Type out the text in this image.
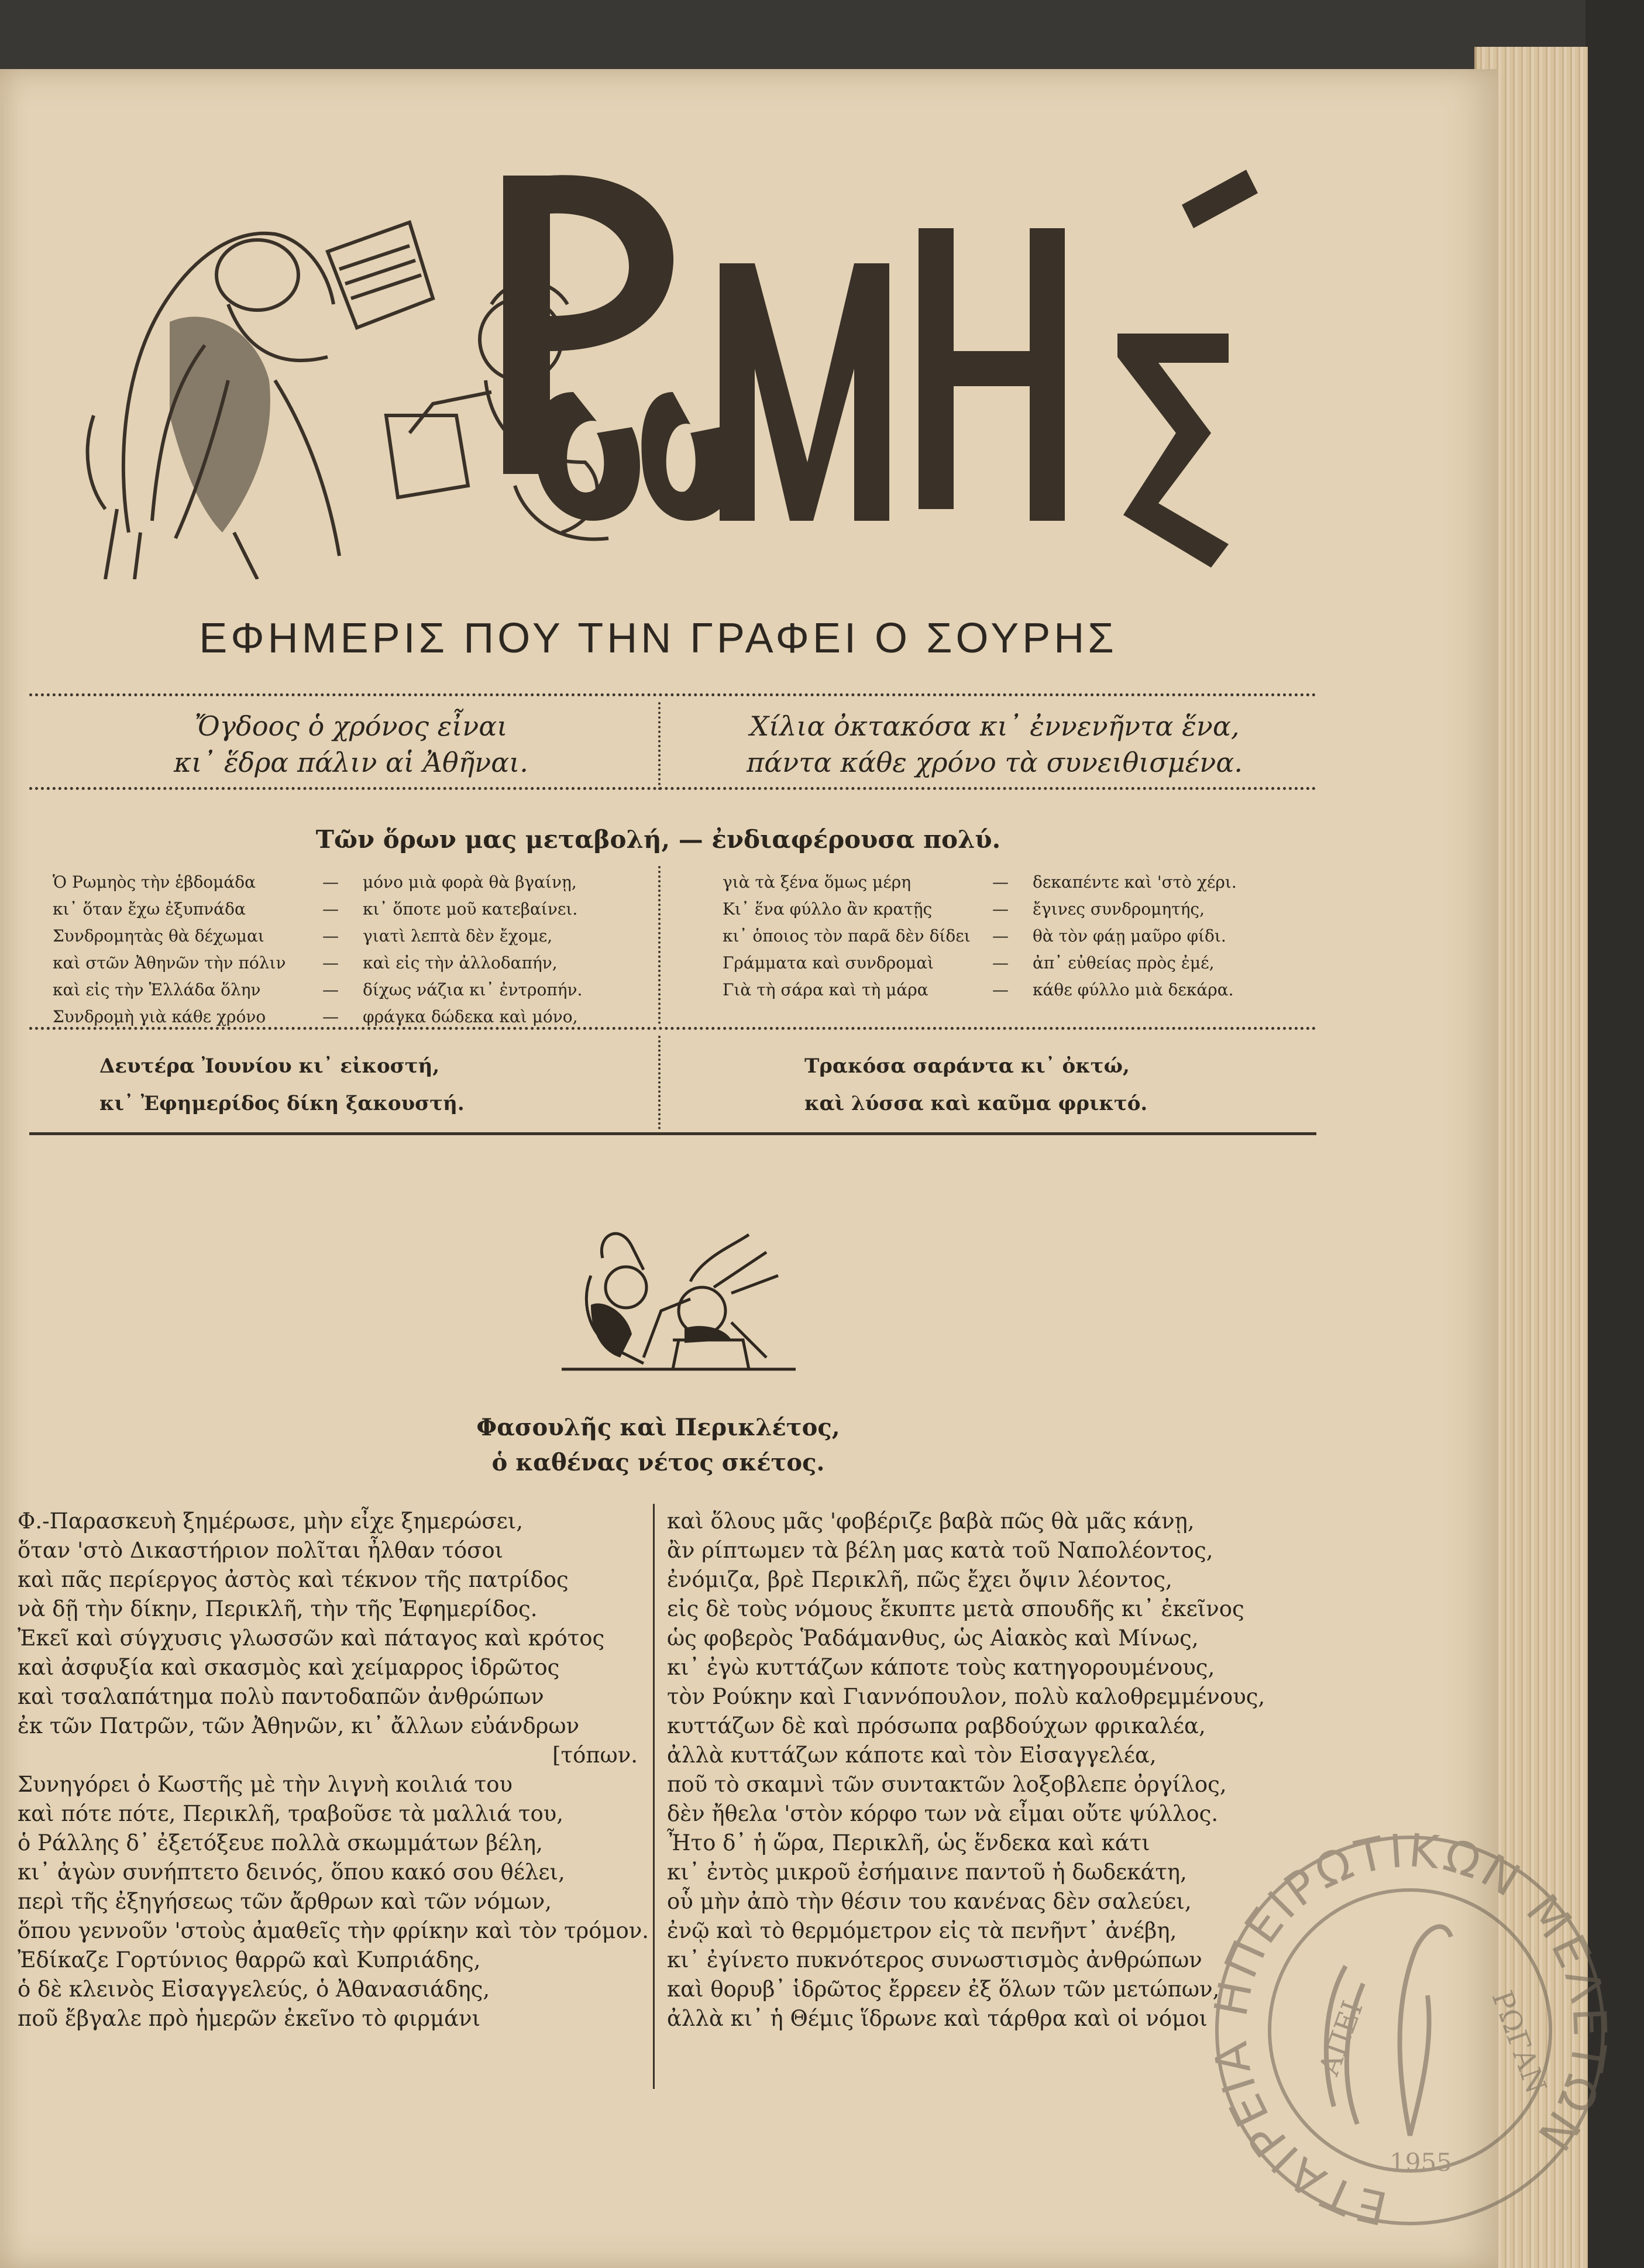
ΡΩΜΗΟΣ
ΕΦΗΜΕΡΙΣ ΠΟΥ ΤΗΝ ΓΡΑΦΕΙ Ο ΣΟΥΡΗΣ
Ὄγδοος ὁ χρόνος εἶναι
κι᾽ ἕδρα πάλιν αἱ Ἀθῆναι.
Χίλια ὀκτακόσα κι᾽ ἐννενῆντα ἕνα,
πάντα κάθε χρόνο τὰ συνειθισμένα.
Τῶν ὅρων μας μεταβολή, — ἐνδιαφέρουσα πολύ.
Ὁ Ρωμηὸς τὴν ἑβδομάδα	—	μόνο μιὰ φορὰ θὰ βγαίνῃ,
κι᾽ ὅταν ἔχω ἐξυπνάδα	—	κι᾽ ὅποτε μοῦ κατεβαίνει.
Συνδρομητὰς θὰ δέχωμαι	—	γιατὶ λεπτὰ δὲν ἔχομε,
καὶ στῶν Ἀθηνῶν τὴν πόλιν	—	καὶ εἰς τὴν ἀλλοδαπήν,
καὶ εἰς τὴν Ἑλλάδα ὅλην	—	δίχως νάζια κι᾽ ἐντροπήν.
Συνδρομὴ γιὰ κάθε χρόνο	—	φράγκα δώδεκα καὶ μόνο,
γιὰ τὰ ξένα ὅμως μέρη	—	δεκαπέντε καὶ 'στὸ χέρι.
Κι᾽ ἕνα φύλλο ἂν κρατῇς	—	ἔγινες συνδρομητής,
κι᾽ ὁποιος τὸν παρᾶ δὲν δίδει	—	θὰ τὸν φάῃ μαῦρο φίδι.
Γράμματα καὶ συνδρομαὶ	—	ἀπ᾽ εὐθείας πρὸς ἐμέ,
Γιὰ τὴ σάρα καὶ τὴ μάρα	—	κάθε φύλλο μιὰ δεκάρα.
Δευτέρα Ἰουνίου κι᾽ εἰκοστή,
κι᾽ Ἐφημερίδος δίκη ξακουστή.
Τρακόσα σαράντα κι᾽ ὀκτώ,
καὶ λύσσα καὶ καῦμα φρικτό.
Φασουλῆς καὶ Περικλέτος,
ὁ καθένας νέτος σκέτος.
Φ.-Παρασκευὴ ξημέρωσε, μὴν εἶχε ξημερώσει,
ὅταν 'στὸ Δικαστήριον πολῖται ἦλθαν τόσοι
καὶ πᾶς περίεργος ἀστὸς καὶ τέκνον τῆς πατρίδος
νὰ δῇ τὴν δίκην, Περικλῆ, τὴν τῆς Ἐφημερίδος.
Ἐκεῖ καὶ σύγχυσις γλωσσῶν καὶ πάταγος καὶ κρότος
καὶ ἀσφυξία καὶ σκασμὸς καὶ χείμαρρος ἱδρῶτος
καὶ τσαλαπάτημα πολὺ παντοδαπῶν ἀνθρώπων
ἐκ τῶν Πατρῶν, τῶν Ἀθηνῶν, κι᾽ ἄλλων εὐάνδρων
[τόπων.
Συνηγόρει ὁ Κωστῆς μὲ τὴν λιγνὴ κοιλιά του
καὶ πότε πότε, Περικλῆ, τραβοῦσε τὰ μαλλιά του,
ὁ Ράλλης δ᾽ ἐξετόξευε πολλὰ σκωμμάτων βέλη,
κι᾽ ἀγὼν συνήπτετο δεινός, ὅπου κακό σου θέλει,
περὶ τῆς ἐξηγήσεως τῶν ἄρθρων καὶ τῶν νόμων,
ὅπου γεννοῦν 'στοὺς ἀμαθεῖς τὴν φρίκην καὶ τὸν τρόμον.
Ἐδίκαζε Γορτύνιος θαρρῶ καὶ Κυπριάδης,
ὁ δὲ κλεινὸς Εἰσαγγελεύς, ὁ Ἀθανασιάδης,
ποῦ ἔβγαλε πρὸ ἡμερῶν ἐκεῖνο τὸ φιρμάνι
καὶ ὅλους μᾶς 'φοβέριζε βαβὰ πῶς θὰ μᾶς κάνῃ,
ἂν ρίπτωμεν τὰ βέλη μας κατὰ τοῦ Ναπολέοντος,
ἐνόμιζα, βρὲ Περικλῆ, πῶς ἔχει ὄψιν λέοντος,
εἰς δὲ τοὺς νόμους ἔκυπτε μετὰ σπουδῆς κι᾽ ἐκεῖνος
ὡς φοβερὸς Ῥαδάμανθυς, ὡς Αἰακὸς καὶ Μίνως,
κι᾽ ἐγὼ κυττάζων κάποτε τοὺς κατηγορουμένους,
τὸν Ρούκην καὶ Γιαννόπουλον, πολὺ καλοθρεμμένους,
κυττάζων δὲ καὶ πρόσωπα ραβδούχων φρικαλέα,
ἀλλὰ κυττάζων κάποτε καὶ τὸν Εἰσαγγελέα,
ποῦ τὸ σκαμνὶ τῶν συντακτῶν λοξοβλεπε ὀργίλος,
δὲν ἤθελα 'στὸν κόρφο των νὰ εἶμαι οὔτε ψύλλος.
Ἦτο δ᾽ ἡ ὥρα, Περικλῆ, ὡς ἕνδεκα καὶ κάτι
κι᾽ ἐντὸς μικροῦ ἐσήμαινε παντοῦ ἡ δωδεκάτη,
οὗ μὴν ἀπὸ τὴν θέσιν του κανένας δὲν σαλεύει,
ἐνῷ καὶ τὸ θερμόμετρον εἰς τὰ πενῆντ᾽ ἀνέβη,
κι᾽ ἐγίνετο πυκνότερος συνωστισμὸς ἀνθρώπων
καὶ θορυβ᾽ ἱδρῶτος ἔρρεεν ἐξ ὅλων τῶν μετώπων,
ἀλλὰ κι᾽ ἡ Θέμις ἵδρωνε καὶ τάρθρα καὶ οἱ νόμοι
ΕΤΑΙΡΕΙΑ ΗΠΕΙΡΩΤΙΚΩΝ ΜΕΛΕΤΩΝ
ΑΠΕΙ	ΡΩΓΑΝ
1955
